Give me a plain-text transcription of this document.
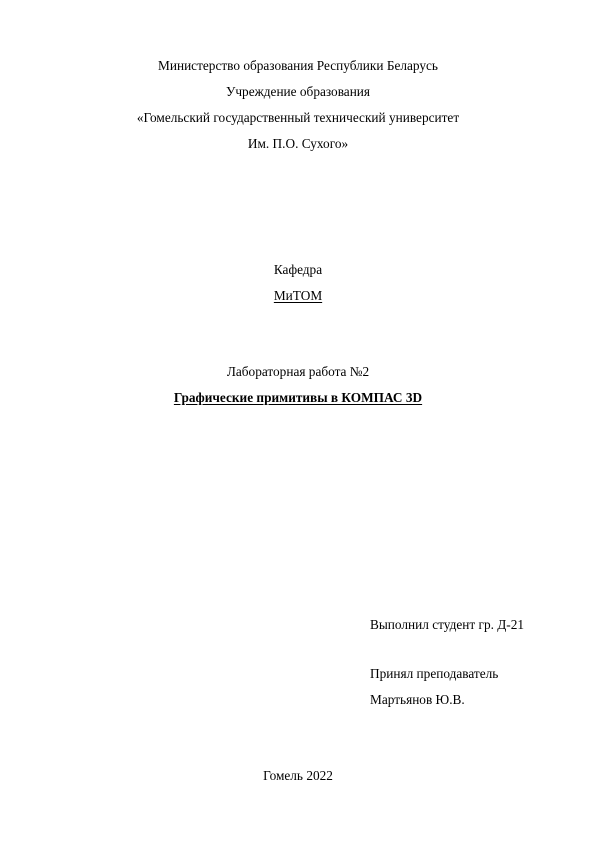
Министерство образования Республики Беларусь
Учреждение образования
«Гомельский государственный технический университет
Им. П.О. Сухого»
Кафедра
МиТОМ
Лабораторная работа №2
Графические примитивы в КОМПАС 3D
Выполнил студент гр. Д-21
Принял преподаватель
Мартьянов Ю.В.
Гомель 2022
